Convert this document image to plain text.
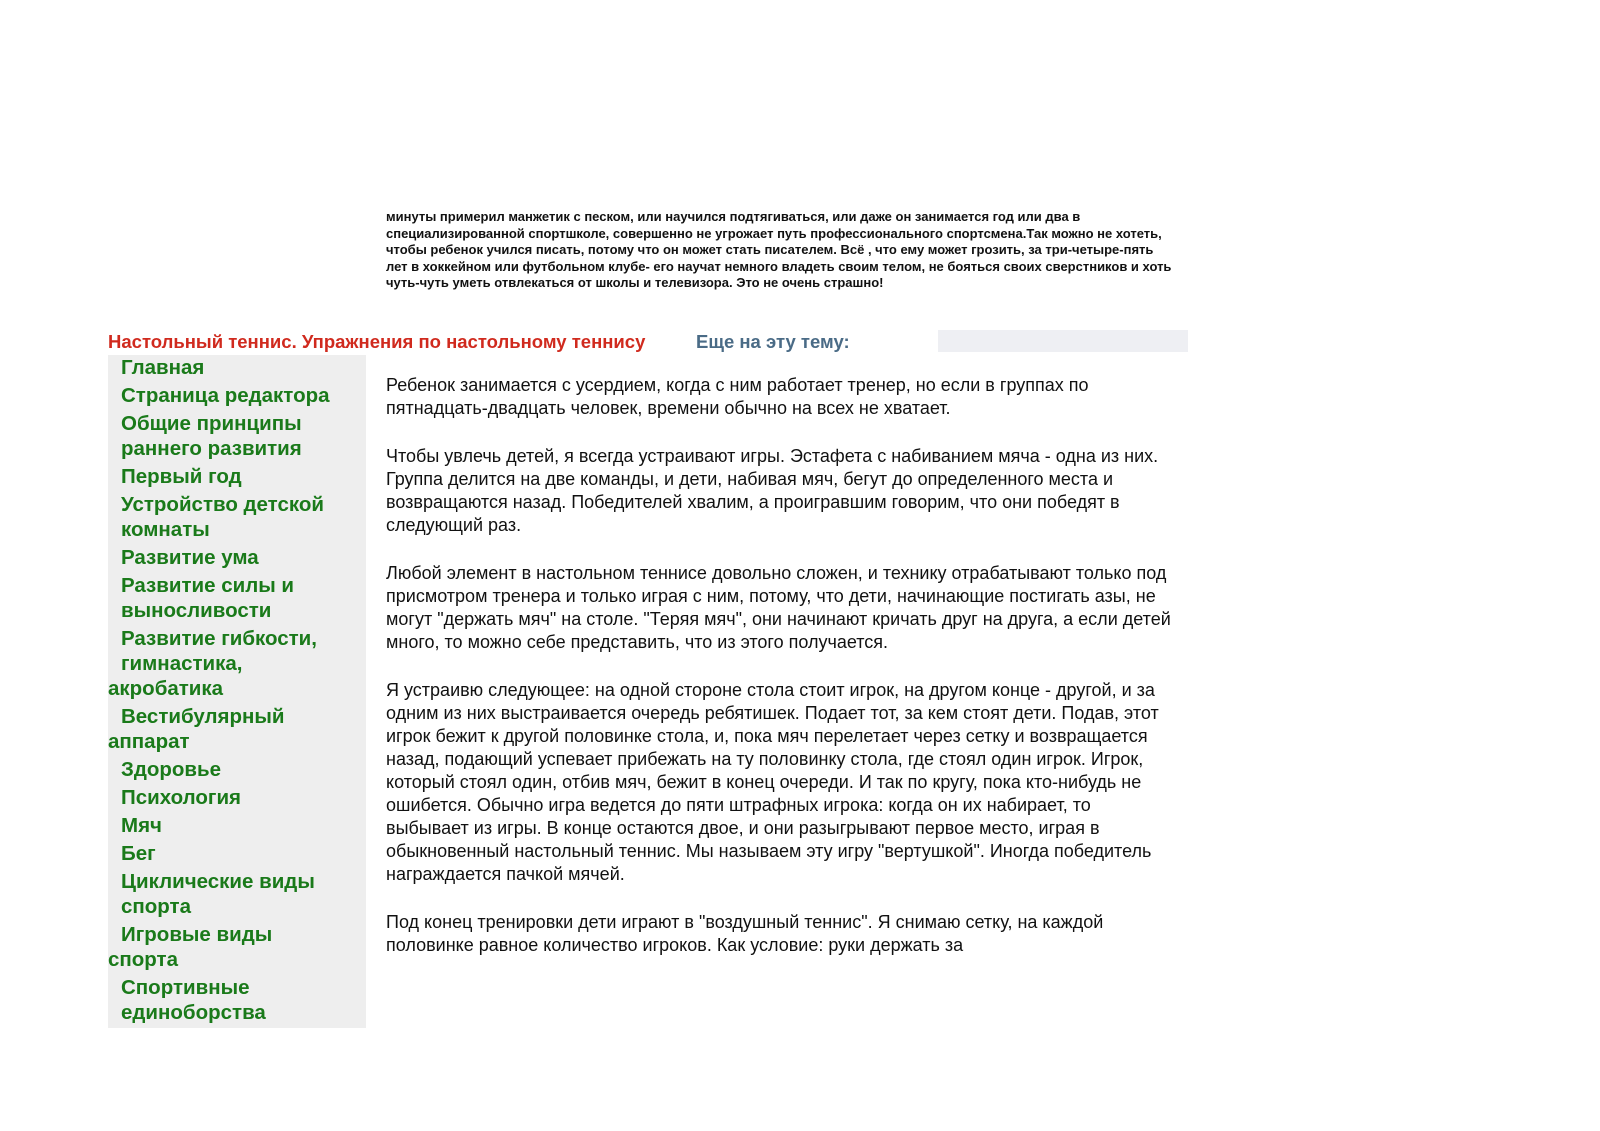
минуты примерил манжетик с песком, или научился подтягиваться, или даже он занимается год или два в специализированной спортшколе, совершенно не угрожает путь профессионального спортсмена.Так можно не хотеть, чтобы ребенок учился писать, потому что он может стать писателем. Всё , что ему может грозить, за три-четыре-пять лет в хоккейном или футбольном клубе- его научат немного владеть своим телом, не бояться своих сверстников и хоть чуть-чуть уметь отвлекаться от школы и телевизора. Это не очень страшно!
Настольный теннис. Упражнения по настольному теннису	Еще на эту тему:
Главная
Страница редактора
Общие принципы
раннего развития
Первый год
Устройство детской
комнаты
Развитие ума
Развитие силы и
выносливости
Развитие гибкости,
гимнастика,
акробатика
Вестибулярный
аппарат
Здоровье
Психология
Мяч
Бег
Циклические виды
спорта
Игровые виды
спорта
Спортивные
единоборства

Ребенок занимается с усердием, когда с ним работает тренер, но если в группах по пятнадцать-двадцать человек, времени обычно на всех не хватает.

Чтобы увлечь детей, я всегда устраивают игры. Эстафета с набиванием мяча - одна из них. Группа делится на две команды, и дети, набивая мяч, бегут до определенного места и возвращаются назад. Победителей хвалим, а проигравшим говорим, что они победят в следующий раз.

Любой элемент в настольном теннисе довольно сложен, и технику отрабатывают только под присмотром тренера и только играя с ним, потому, что дети, начинающие постигать азы, не могут "держать мяч" на столе. "Теряя мяч", они начинают кричать друг на друга, а если детей много, то можно себе представить, что из этого получается.

Я устраивю следующее: на одной стороне стола стоит игрок, на другом конце - другой, и за одним из них выстраивается очередь ребятишек. Подает тот, за кем стоят дети. Подав, этот игрок бежит к другой половинке стола, и, пока мяч перелетает через сетку и возвращается назад, подающий успевает прибежать на ту половинку стола, где стоял один игрок. Игрок, который стоял один, отбив мяч, бежит в конец очереди. И так по кругу, пока кто-нибудь не ошибется. Обычно игра ведется до пяти штрафных игрока: когда он их набирает, то выбывает из игры. В конце остаются двое, и они разыгрывают первое место, играя в обыкновенный настольный теннис. Мы называем эту игру "вертушкой". Иногда победитель награждается пачкой мячей.

Под конец тренировки дети играют в "воздушный теннис". Я снимаю сетку, на каждой половинке равное количество игроков. Как условие: руки держать за
